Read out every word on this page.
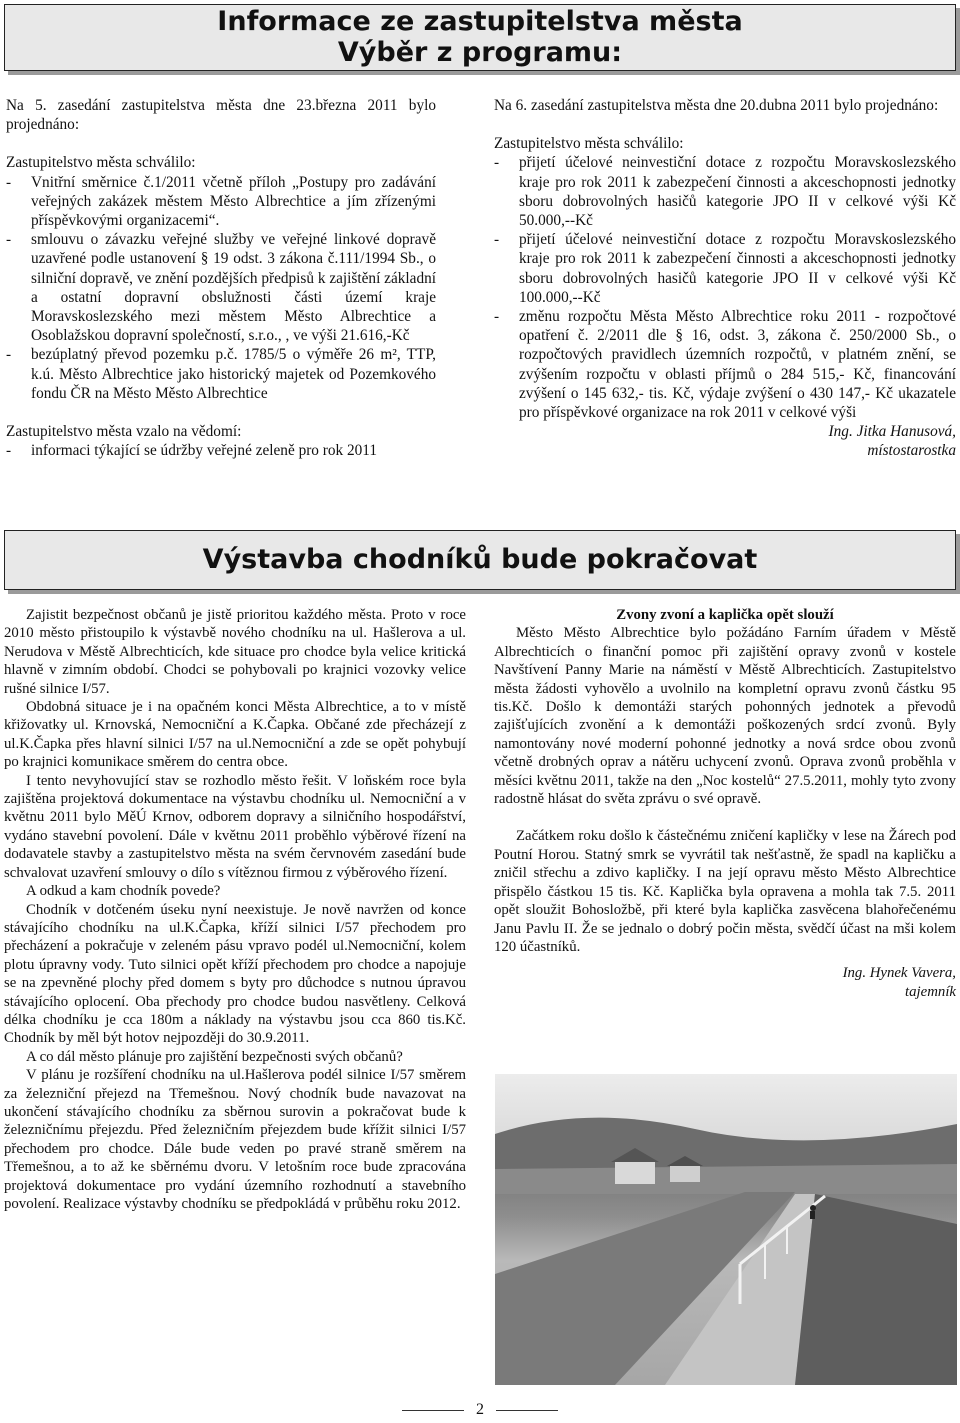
Informace ze zastupitelstva města
Výběr z programu:

Na 5. zasedání zastupitelstva města dne 23.března 2011 bylo projednáno:

Zastupitelstvo města schválilo:

- Vnitřní směrnice č.1/2011 včetně příloh „Postupy pro zadávání veřejných zakázek městem Město Albrechtice a jím zřízenými příspěvkovými organizacemi“.
- smlouvu o závazku veřejné služby ve veřejné linkové dopravě uzavřené podle ustanovení § 19 odst. 3 zákona č.111/1994 Sb., o silniční dopravě, ve znění pozdějších předpisů k zajištění základní a ostatní dopravní obslužnosti části území kraje Moravskoslezského mezi městem Město Albrechtice a Osoblažskou dopravní společností, s.r.o., , ve výši 21.616,-Kč
- bezúplatný převod pozemku p.č. 1785/5 o výměře 26 m², TTP, k.ú. Město Albrechtice jako historický majetek od Pozemkového fondu ČR na Město Město Albrechtice

Zastupitelstvo města vzalo na vědomí:

- informaci týkající se údržby veřejné zeleně pro rok 2011

Na 6. zasedání zastupitelstva města dne 20.dubna 2011 bylo projednáno:

Zastupitelstvo města schválilo:

- přijetí účelové neinvestiční dotace z rozpočtu Moravskoslezského kraje pro rok 2011 k zabezpečení činnosti a akceschopnosti jednotky sboru dobrovolných hasičů kategorie JPO II v celkové výši Kč 50.000,--Kč
- přijetí účelové neinvestiční dotace z rozpočtu Moravskoslezského kraje pro rok 2011 k zabezpečení činnosti a akceschopnosti jednotky sboru dobrovolných hasičů kategorie JPO II v celkové výši Kč 100.000,--Kč
- změnu rozpočtu Města Město Albrechtice roku 2011 - rozpočtové opatření č. 2/2011 dle § 16, odst. 3, zákona č. 250/2000 Sb., o rozpočtových pravidlech územních rozpočtů, v platném znění, se zvýšením rozpočtu v oblasti příjmů o 284 515,- Kč, financování zvýšení o 145 632,- tis. Kč, výdaje zvýšení o 430 147,- Kč ukazatele pro příspěvkové organizace na rok 2011 v celkové výši
Ing. Jitka Hanusová,
místostarostka
Výstavba chodníků bude pokračovat

Zajistit bezpečnost občanů je jistě prioritou každého města. Proto v roce 2010 město přistoupilo k výstavbě nového chodníku na ul. Hašlerova a ul. Nerudova v Městě Albrechticích, kde situace pro chodce byla velice kritická hlavně v zimním období. Chodci se pohybovali po krajnici vozovky velice rušné silnice I/57.

Obdobná situace je i na opačném konci Města Albrechtice, a to v místě křižovatky ul. Krnovská, Nemocniční a K.Čapka. Občané zde přecházejí z ul.K.Čapka přes hlavní silnici I/57 na ul.Nemocniční a zde se opět pohybují po krajnici komunikace směrem do centra obce.

I tento nevyhovující stav se rozhodlo město řešit. V loňském roce byla zajištěna projektová dokumentace na výstavbu chodníku ul. Nemocniční a v květnu 2011 bylo MěÚ Krnov, odborem dopravy a silničního hospodářství, vydáno stavební povolení. Dále v květnu 2011 proběhlo výběrové řízení na dodavatele stavby a zastupitelstvo města na svém červnovém zasedání bude schvalovat uzavření smlouvy o dílo s vítěznou firmou z výběrového řízení.

A odkud a kam chodník povede?

Chodník v dotčeném úseku nyní neexistuje. Je nově navržen od konce stávajícího chodníku na ul.K.Čapka, kříží silnici I/57 přechodem pro přecházení a pokračuje v zeleném pásu vpravo podél ul.Nemocniční, kolem plotu úpravny vody. Tuto silnici opět kříží přechodem pro chodce a napojuje se na zpevněné plochy před domem s byty pro důchodce s nutnou úpravou stávajícího oplocení. Oba přechody pro chodce budou nasvětleny. Celková délka chodníku je cca 180m a náklady na výstavbu jsou cca 860 tis.Kč. Chodník by měl být hotov nejpozději do 30.9.2011.

A co dál město plánuje pro zajištění bezpečnosti svých občanů?

V plánu je rozšíření chodníku na ul.Hašlerova podél silnice I/57 směrem za železniční přejezd na Třemešnou. Nový chodník bude navazovat na ukončení stávajícího chodníku za sběrnou surovin a pokračovat bude k železničnímu přejezdu. Před železničním přejezdem bude křížit silnici I/57 přechodem pro chodce. Dále bude veden po pravé straně směrem na Třemešnou, a to až ke sběrnému dvoru. V letošním roce bude zpracována projektová dokumentace pro vydání územního rozhodnutí a stavebního povolení. Realizace výstavby chodníku se předpokládá v průběhu roku 2012.

Zvony zvoní a kaplička opět slouží

Město Město Albrechtice bylo požádáno Farním úřadem v Městě Albrechticích o finanční pomoc při zajištění opravy zvonů v kostele Navštívení Panny Marie na náměstí v Městě Albrechticích. Zastupitelstvo města žádosti vyhovělo a uvolnilo na kompletní opravu zvonů částku 95 tis.Kč. Došlo k demontáži starých pohonných jednotek a převodů zajišťujících zvonění a k demontáži poškozených srdcí zvonů. Byly namontovány nové moderní pohonné jednotky a nová srdce obou zvonů včetně drobných oprav a nátěru uchycení zvonů. Oprava zvonů proběhla v měsíci květnu 2011, takže na den „Noc kostelů“ 27.5.2011, mohly tyto zvony radostně hlásat do světa zprávu o své opravě.

Začátkem roku došlo k částečnému zničení kapličky v lese na Žárech pod Poutní Horou. Statný smrk se vyvrátil tak nešťastně, že spadl na kapličku a zničil střechu a zdivo kapličky. I na její opravu město Město Albrechtice přispělo částkou 15 tis. Kč. Kaplička byla opravena a mohla tak 7.5. 2011 opět sloužit Bohosložbě, při které byla kaplička zasvěcena blahořečenému Janu Pavlu II. Že se jednalo o dobrý počin města, svědčí účast na mši kolem 120 účastníků.

Ing. Hynek Vavera,
tajemník
2
